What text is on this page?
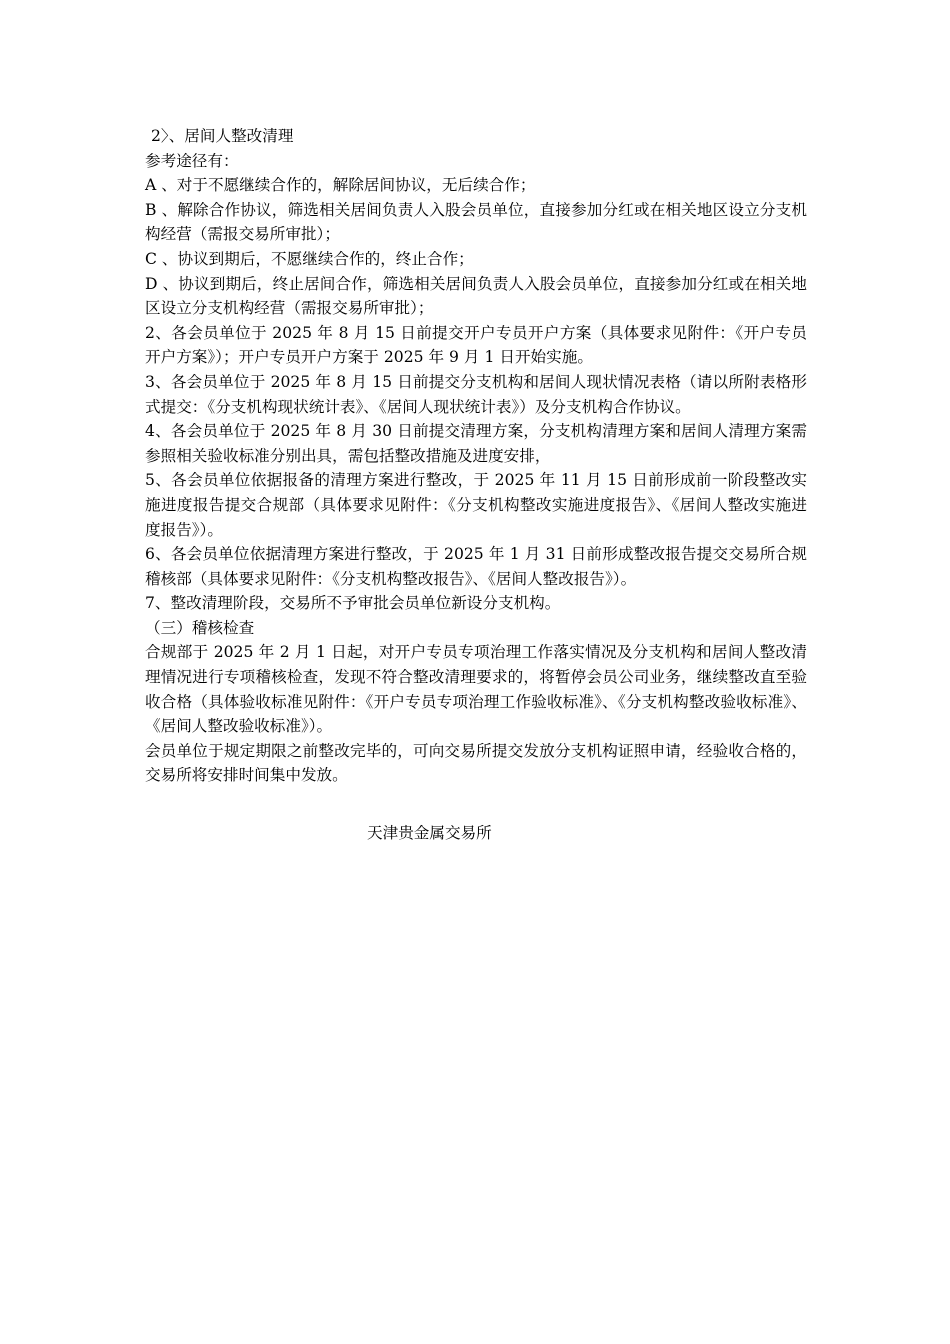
2〉、居间人整改清理

参考途径有：

A 、对于不愿继续合作的，解除居间协议，无后续合作；

B 、解除合作协议，筛选相关居间负责人入股会员单位，直接参加分红或在相关地区设立分支机构经营（需报交易所审批）；

C 、协议到期后，不愿继续合作的，终止合作；

D 、协议到期后，终止居间合作，筛选相关居间负责人入股会员单位，直接参加分红或在相关地区设立分支机构经营（需报交易所审批）；

2、各会员单位于 2025 年 8 月 15 日前提交开户专员开户方案（具体要求见附件：《开户专员开户方案》）；开户专员开户方案于 2025 年 9 月 1 日开始实施。

3、各会员单位于 2025 年 8 月 15 日前提交分支机构和居间人现状情况表格（请以所附表格形式提交：《分支机构现状统计表》、《居间人现状统计表》）及分支机构合作协议。

4、各会员单位于 2025 年 8 月 30 日前提交清理方案，分支机构清理方案和居间人清理方案需参照相关验收标准分别出具，需包括整改措施及进度安排，

5、各会员单位依据报备的清理方案进行整改，于 2025 年 11 月 15 日前形成前一阶段整改实施进度报告提交合规部（具体要求见附件：《分支机构整改实施进度报告》、《居间人整改实施进度报告》）。

6、各会员单位依据清理方案进行整改，于 2025 年 1 月 31 日前形成整改报告提交交易所合规稽核部（具体要求见附件：《分支机构整改报告》、《居间人整改报告》）。

7、整改清理阶段，交易所不予审批会员单位新设分支机构。

（三）稽核检查

合规部于 2025 年 2 月 1 日起，对开户专员专项治理工作落实情况及分支机构和居间人整改清理情况进行专项稽核检查，发现不符合整改清理要求的，将暂停会员公司业务，继续整改直至验收合格（具体验收标准见附件：《开户专员专项治理工作验收标准》、《分支机构整改验收标准》、《居间人整改验收标准》）。

会员单位于规定期限之前整改完毕的，可向交易所提交发放分支机构证照申请，经验收合格的，交易所将安排时间集中发放。

天津贵金属交易所
